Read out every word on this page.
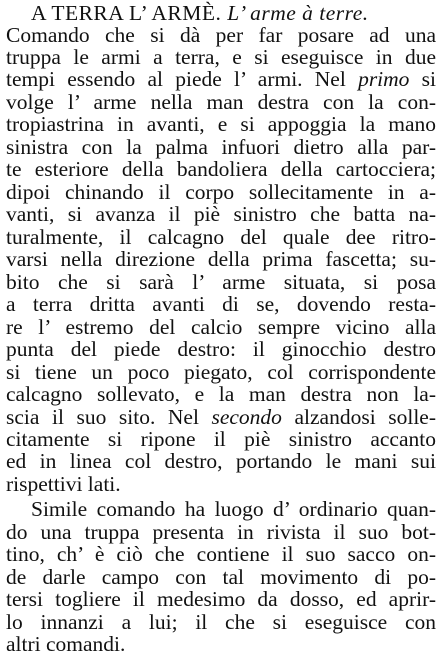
A TERRA L’ ARMÈ. L’ arme à terre.
Comando che si dà per far posare ad una
truppa le armi a terra, e si eseguisce in due
tempi essendo al piede l’ armi. Nel primo si
volge l’ arme nella man destra con la con-
tropiastrina in avanti, e si appoggia la mano
sinistra con la palma infuori dietro alla par-
te esteriore della bandoliera della cartocciera;
dipoi chinando il corpo sollecitamente in a-
vanti, si avanza il piè sinistro che batta na-
turalmente, il calcagno del quale dee ritro-
varsi nella direzione della prima fascetta; su-
bito che si sarà l’ arme situata, si posa
a terra dritta avanti di se, dovendo resta-
re l’ estremo del calcio sempre vicino alla
punta del piede destro: il ginocchio destro
si tiene un poco piegato, col corrispondente
calcagno sollevato, e la man destra non la-
scia il suo sito. Nel secondo alzandosi solle-
citamente si ripone il piè sinistro accanto
ed in linea col destro, portando le mani sui
rispettivi lati.
Simile comando ha luogo d’ ordinario quan-
do una truppa presenta in rivista il suo bot-
tino, ch’ è ciò che contiene il suo sacco on-
de darle campo con tal movimento di po-
tersi togliere il medesimo da dosso, ed aprir-
lo innanzi a lui; il che si eseguisce con
altri comandi.
